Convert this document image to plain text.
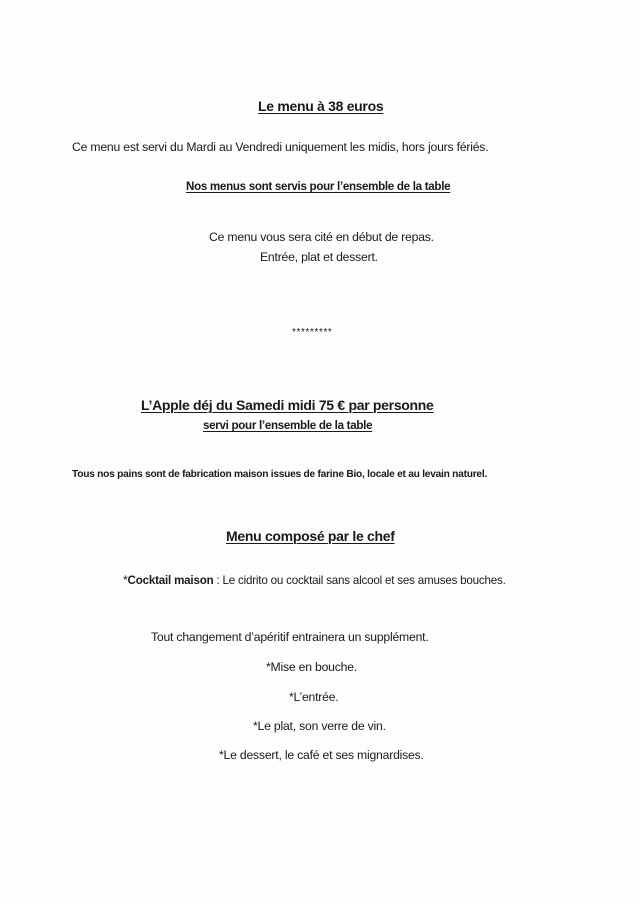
Le menu à 38 euros
Ce menu est servi du Mardi au Vendredi uniquement les midis, hors jours fériés.
Nos menus sont servis pour l’ensemble de la table
Ce menu vous sera cité en début de repas.
Entrée, plat et dessert.
*********
L’Apple déj du Samedi midi 75 € par personne
servi pour l’ensemble de la table
Tous nos pains sont de fabrication maison issues de farine Bio, locale et au levain naturel.
Menu composé par le chef
*Cocktail maison : Le cidrito ou cocktail sans alcool et ses amuses bouches.
Tout changement d’apéritif entrainera un supplément.
*Mise en bouche.
*L’entrée.
*Le plat, son verre de vin.
*Le dessert, le café et ses mignardises.
